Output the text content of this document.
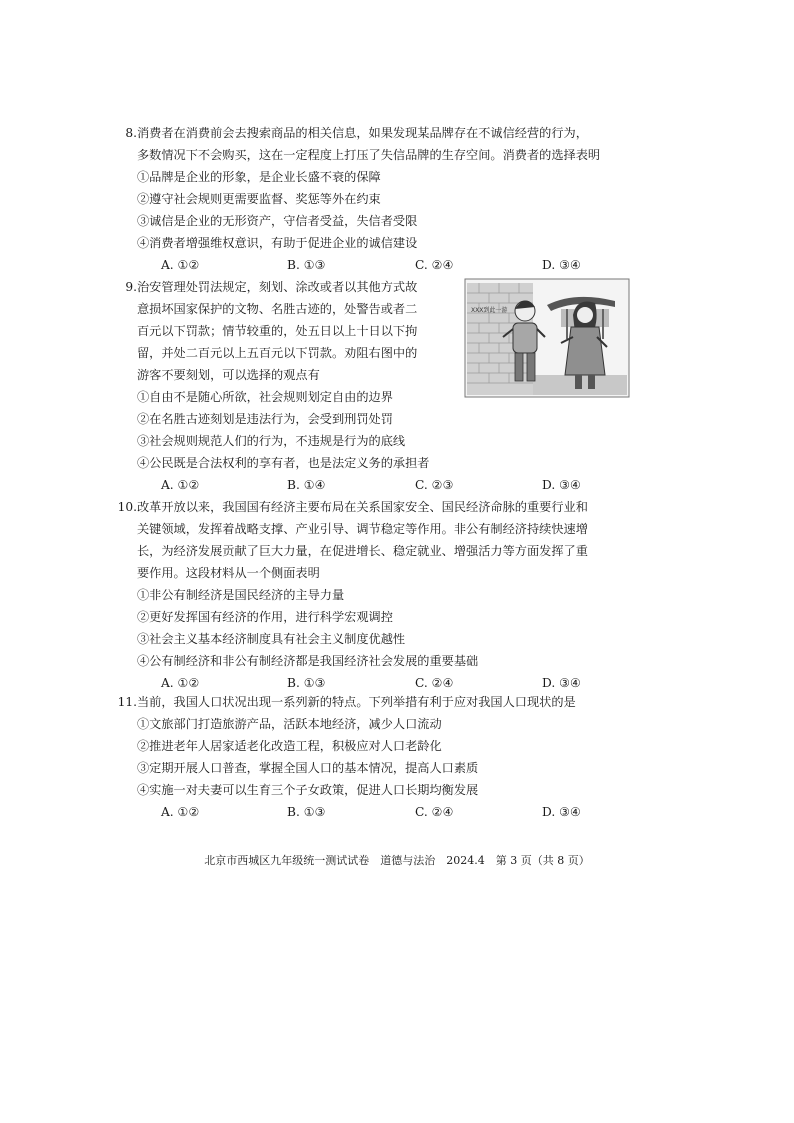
8. 消费者在消费前会去搜索商品的相关信息，如果发现某品牌存在不诚信经营的行为，
多数情况下不会购买，这在一定程度上打压了失信品牌的生存空间。消费者的选择表明
①品牌是企业的形象，是企业长盛不衰的保障
②遵守社会规则更需要监督、奖惩等外在约束
③诚信是企业的无形资产，守信者受益，失信者受限
④消费者增强维权意识，有助于促进企业的诚信建设
A. ①②	B. ①③	C. ②④	D. ③④
9. 治安管理处罚法规定，刻划、涂改或者以其他方式故
意损坏国家保护的文物、名胜古迹的，处警告或者二
百元以下罚款；情节较重的，处五日以上十日以下拘
留，并处二百元以上五百元以下罚款。劝阻右图中的
游客不要刻划，可以选择的观点有
①自由不是随心所欲，社会规则划定自由的边界
②在名胜古迹刻划是违法行为，会受到刑罚处罚
③社会规则规范人们的行为，不违规是行为的底线
④公民既是合法权利的享有者，也是法定义务的承担者
A. ①②	B. ①④	C. ②③	D. ③④
XXX到此一游
10. 改革开放以来，我国国有经济主要布局在关系国家安全、国民经济命脉的重要行业和
关键领域，发挥着战略支撑、产业引导、调节稳定等作用。非公有制经济持续快速增
长，为经济发展贡献了巨大力量，在促进增长、稳定就业、增强活力等方面发挥了重
要作用。这段材料从一个侧面表明
①非公有制经济是国民经济的主导力量
②更好发挥国有经济的作用，进行科学宏观调控
③社会主义基本经济制度具有社会主义制度优越性
④公有制经济和非公有制经济都是我国经济社会发展的重要基础
A. ①②	B. ①③	C. ②④	D. ③④
11. 当前，我国人口状况出现一系列新的特点。下列举措有利于应对我国人口现状的是
①文旅部门打造旅游产品，活跃本地经济，减少人口流动
②推进老年人居家适老化改造工程，积极应对人口老龄化
③定期开展人口普查，掌握全国人口的基本情况，提高人口素质
④实施一对夫妻可以生育三个子女政策，促进人口长期均衡发展
A. ①②	B. ①③	C. ②④	D. ③④
北京市西城区九年级统一测试试卷　道德与法治　2024.4　第 3 页（共 8 页）
